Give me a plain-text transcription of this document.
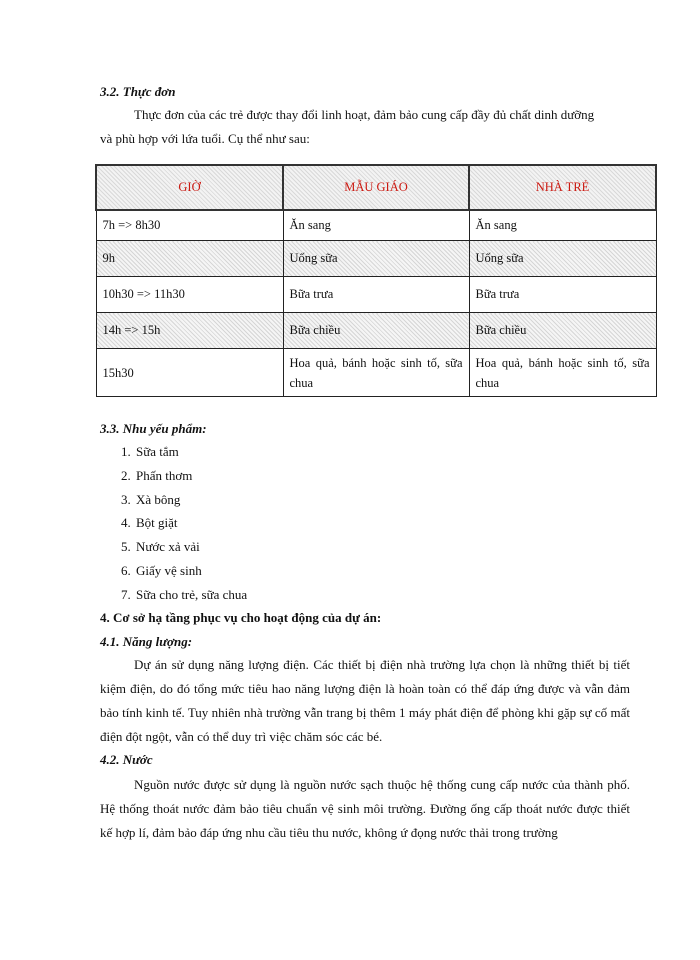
3.2. Thực đơn
Thực đơn của các trẻ được thay đổi linh hoạt, đảm bảo cung cấp đầy đủ chất dinh dưỡng
và phù hợp với lứa tuổi. Cụ thể như sau:
GIỜ	MẪU GIÁO	NHÀ TRẺ
7h => 8h30	Ăn sang	Ăn sang
9h	Uống sữa	Uống sữa
10h30 => 11h30	Bữa trưa	Bữa trưa
14h => 15h	Bữa chiều	Bữa chiều
15h30	Hoa quả, bánh hoặc sinh tố, sữa chua	Hoa quả, bánh hoặc sinh tố, sữa chua
3.3. Nhu yếu phẩm:
1. Sữa tắm
2. Phấn thơm
3. Xà bông
4. Bột giặt
5. Nước xả vải
6. Giấy vệ sinh
7. Sữa cho trẻ, sữa chua
4. Cơ sở hạ tầng phục vụ cho hoạt động của dự án:
4.1. Năng lượng:
Dự án sử dụng năng lượng điện. Các thiết bị điện nhà trường lựa chọn là những thiết bị tiết kiệm điện, do đó tổng mức tiêu hao năng lượng điện là hoàn toàn có thể đáp ứng được và vẫn đảm bảo tính kinh tế. Tuy nhiên nhà trường vẫn trang bị thêm 1 máy phát điện để phòng khi gặp sự cố mất điện đột ngột, vẫn có thể duy trì việc chăm sóc các bé.
4.2. Nước
Nguồn nước được sử dụng là nguồn nước sạch thuộc hệ thống cung cấp nước của thành phố. Hệ thống thoát nước đảm bảo tiêu chuẩn vệ sinh môi trường. Đường ống cấp thoát nước được thiết kế hợp lí, đảm bảo đáp ứng nhu cầu tiêu thu nước, không ứ đọng nước thải trong trường
